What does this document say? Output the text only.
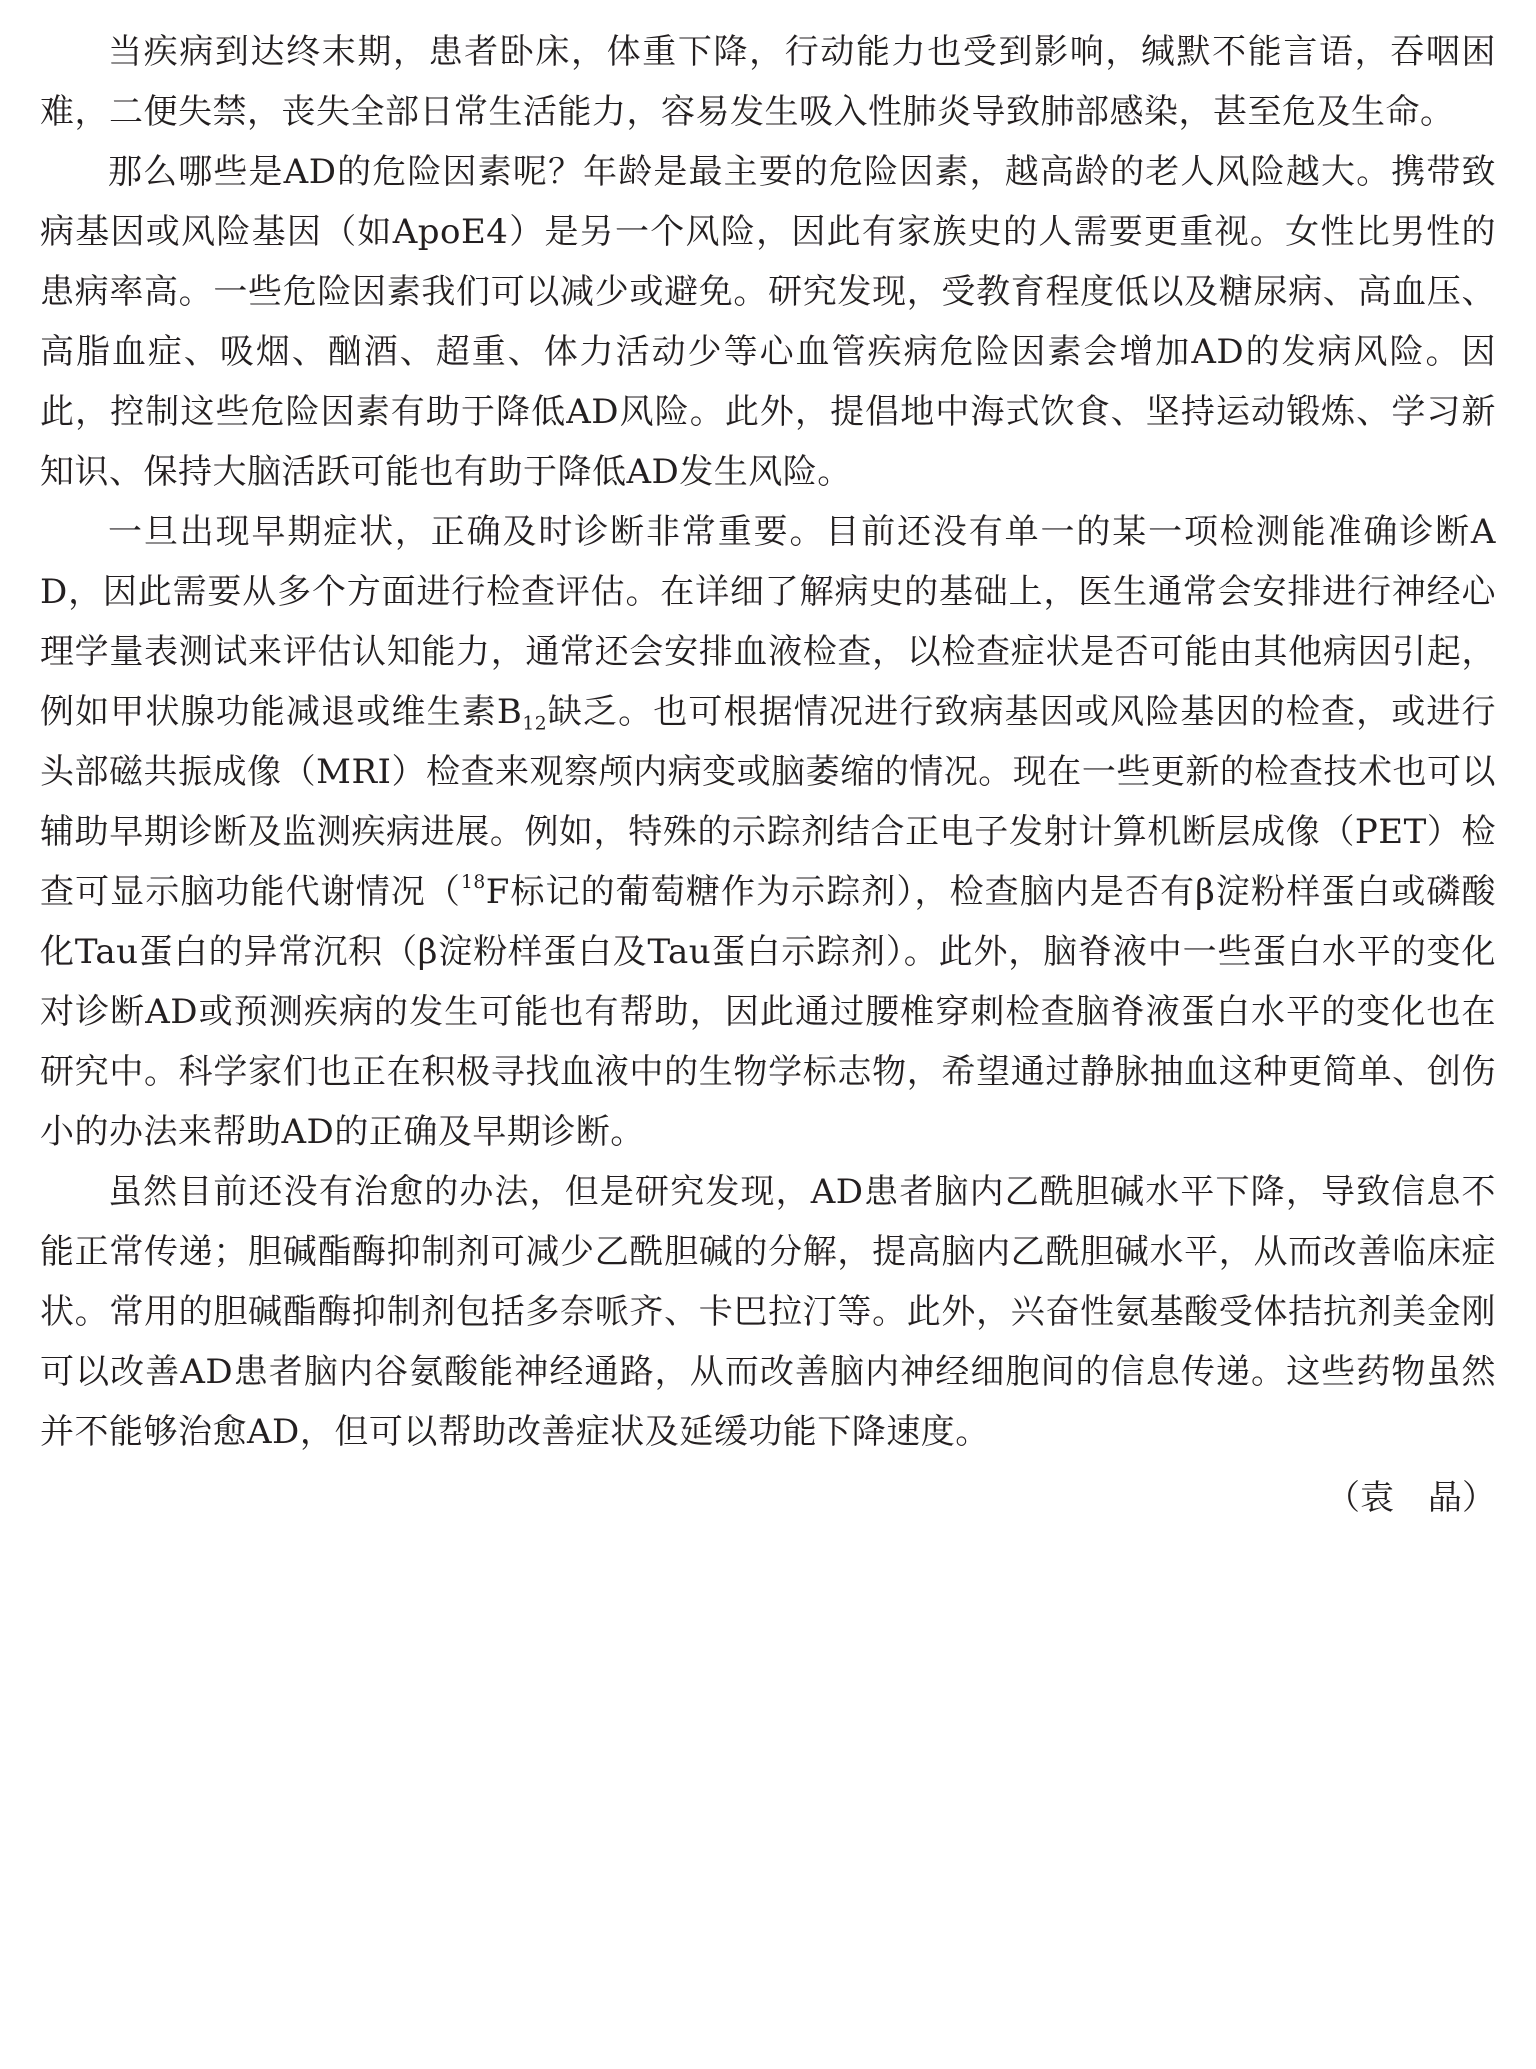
当疾病到达终末期，患者卧床，体重下降，行动能力也受到影响，缄默不能言语，吞咽困难，二便失禁，丧失全部日常生活能力，容易发生吸入性肺炎导致肺部感染，甚至危及生命。

那么哪些是AD的危险因素呢？年龄是最主要的危险因素，越高龄的老人风险越大。携带致病基因或风险基因（如ApoE4）是另一个风险，因此有家族史的人需要更重视。女性比男性的患病率高。一些危险因素我们可以减少或避免。研究发现，受教育程度低以及糖尿病、高血压、高脂血症、吸烟、酗酒、超重、体力活动少等心血管疾病危险因素会增加AD的发病风险。因此，控制这些危险因素有助于降低AD风险。此外，提倡地中海式饮食、坚持运动锻炼、学习新知识、保持大脑活跃可能也有助于降低AD发生风险。

一旦出现早期症状，正确及时诊断非常重要。目前还没有单一的某一项检测能准确诊断AD，因此需要从多个方面进行检查评估。在详细了解病史的基础上，医生通常会安排进行神经心理学量表测试来评估认知能力，通常还会安排血液检查，以检查症状是否可能由其他病因引起，例如甲状腺功能减退或维生素$B_{12}$缺乏。也可根据情况进行致病基因或风险基因的检查，或进行头部磁共振成像（MRI）检查来观察颅内病变或脑萎缩的情况。现在一些更新的检查技术也可以辅助早期诊断及监测疾病进展。例如，特殊的示踪剂结合正电子发射计算机断层成像（PET）检查可显示脑功能代谢情况（$^{18}$F标记的葡萄糖作为示踪剂），检查脑内是否有β淀粉样蛋白或磷酸化Tau蛋白的异常沉积（β淀粉样蛋白及Tau蛋白示踪剂）。此外，脑脊液中一些蛋白水平的变化对诊断AD或预测疾病的发生可能也有帮助，因此通过腰椎穿刺检查脑脊液蛋白水平的变化也在研究中。科学家们也正在积极寻找血液中的生物学标志物，希望通过静脉抽血这种更简单、创伤小的办法来帮助AD的正确及早期诊断。

虽然目前还没有治愈的办法，但是研究发现，AD患者脑内乙酰胆碱水平下降，导致信息不能正常传递；胆碱酯酶抑制剂可减少乙酰胆碱的分解，提高脑内乙酰胆碱水平，从而改善临床症状。常用的胆碱酯酶抑制剂包括多奈哌齐、卡巴拉汀等。此外，兴奋性氨基酸受体拮抗剂美金刚可以改善AD患者脑内谷氨酸能神经通路，从而改善脑内神经细胞间的信息传递。这些药物虽然并不能够治愈AD，但可以帮助改善症状及延缓功能下降速度。

（袁　晶）
